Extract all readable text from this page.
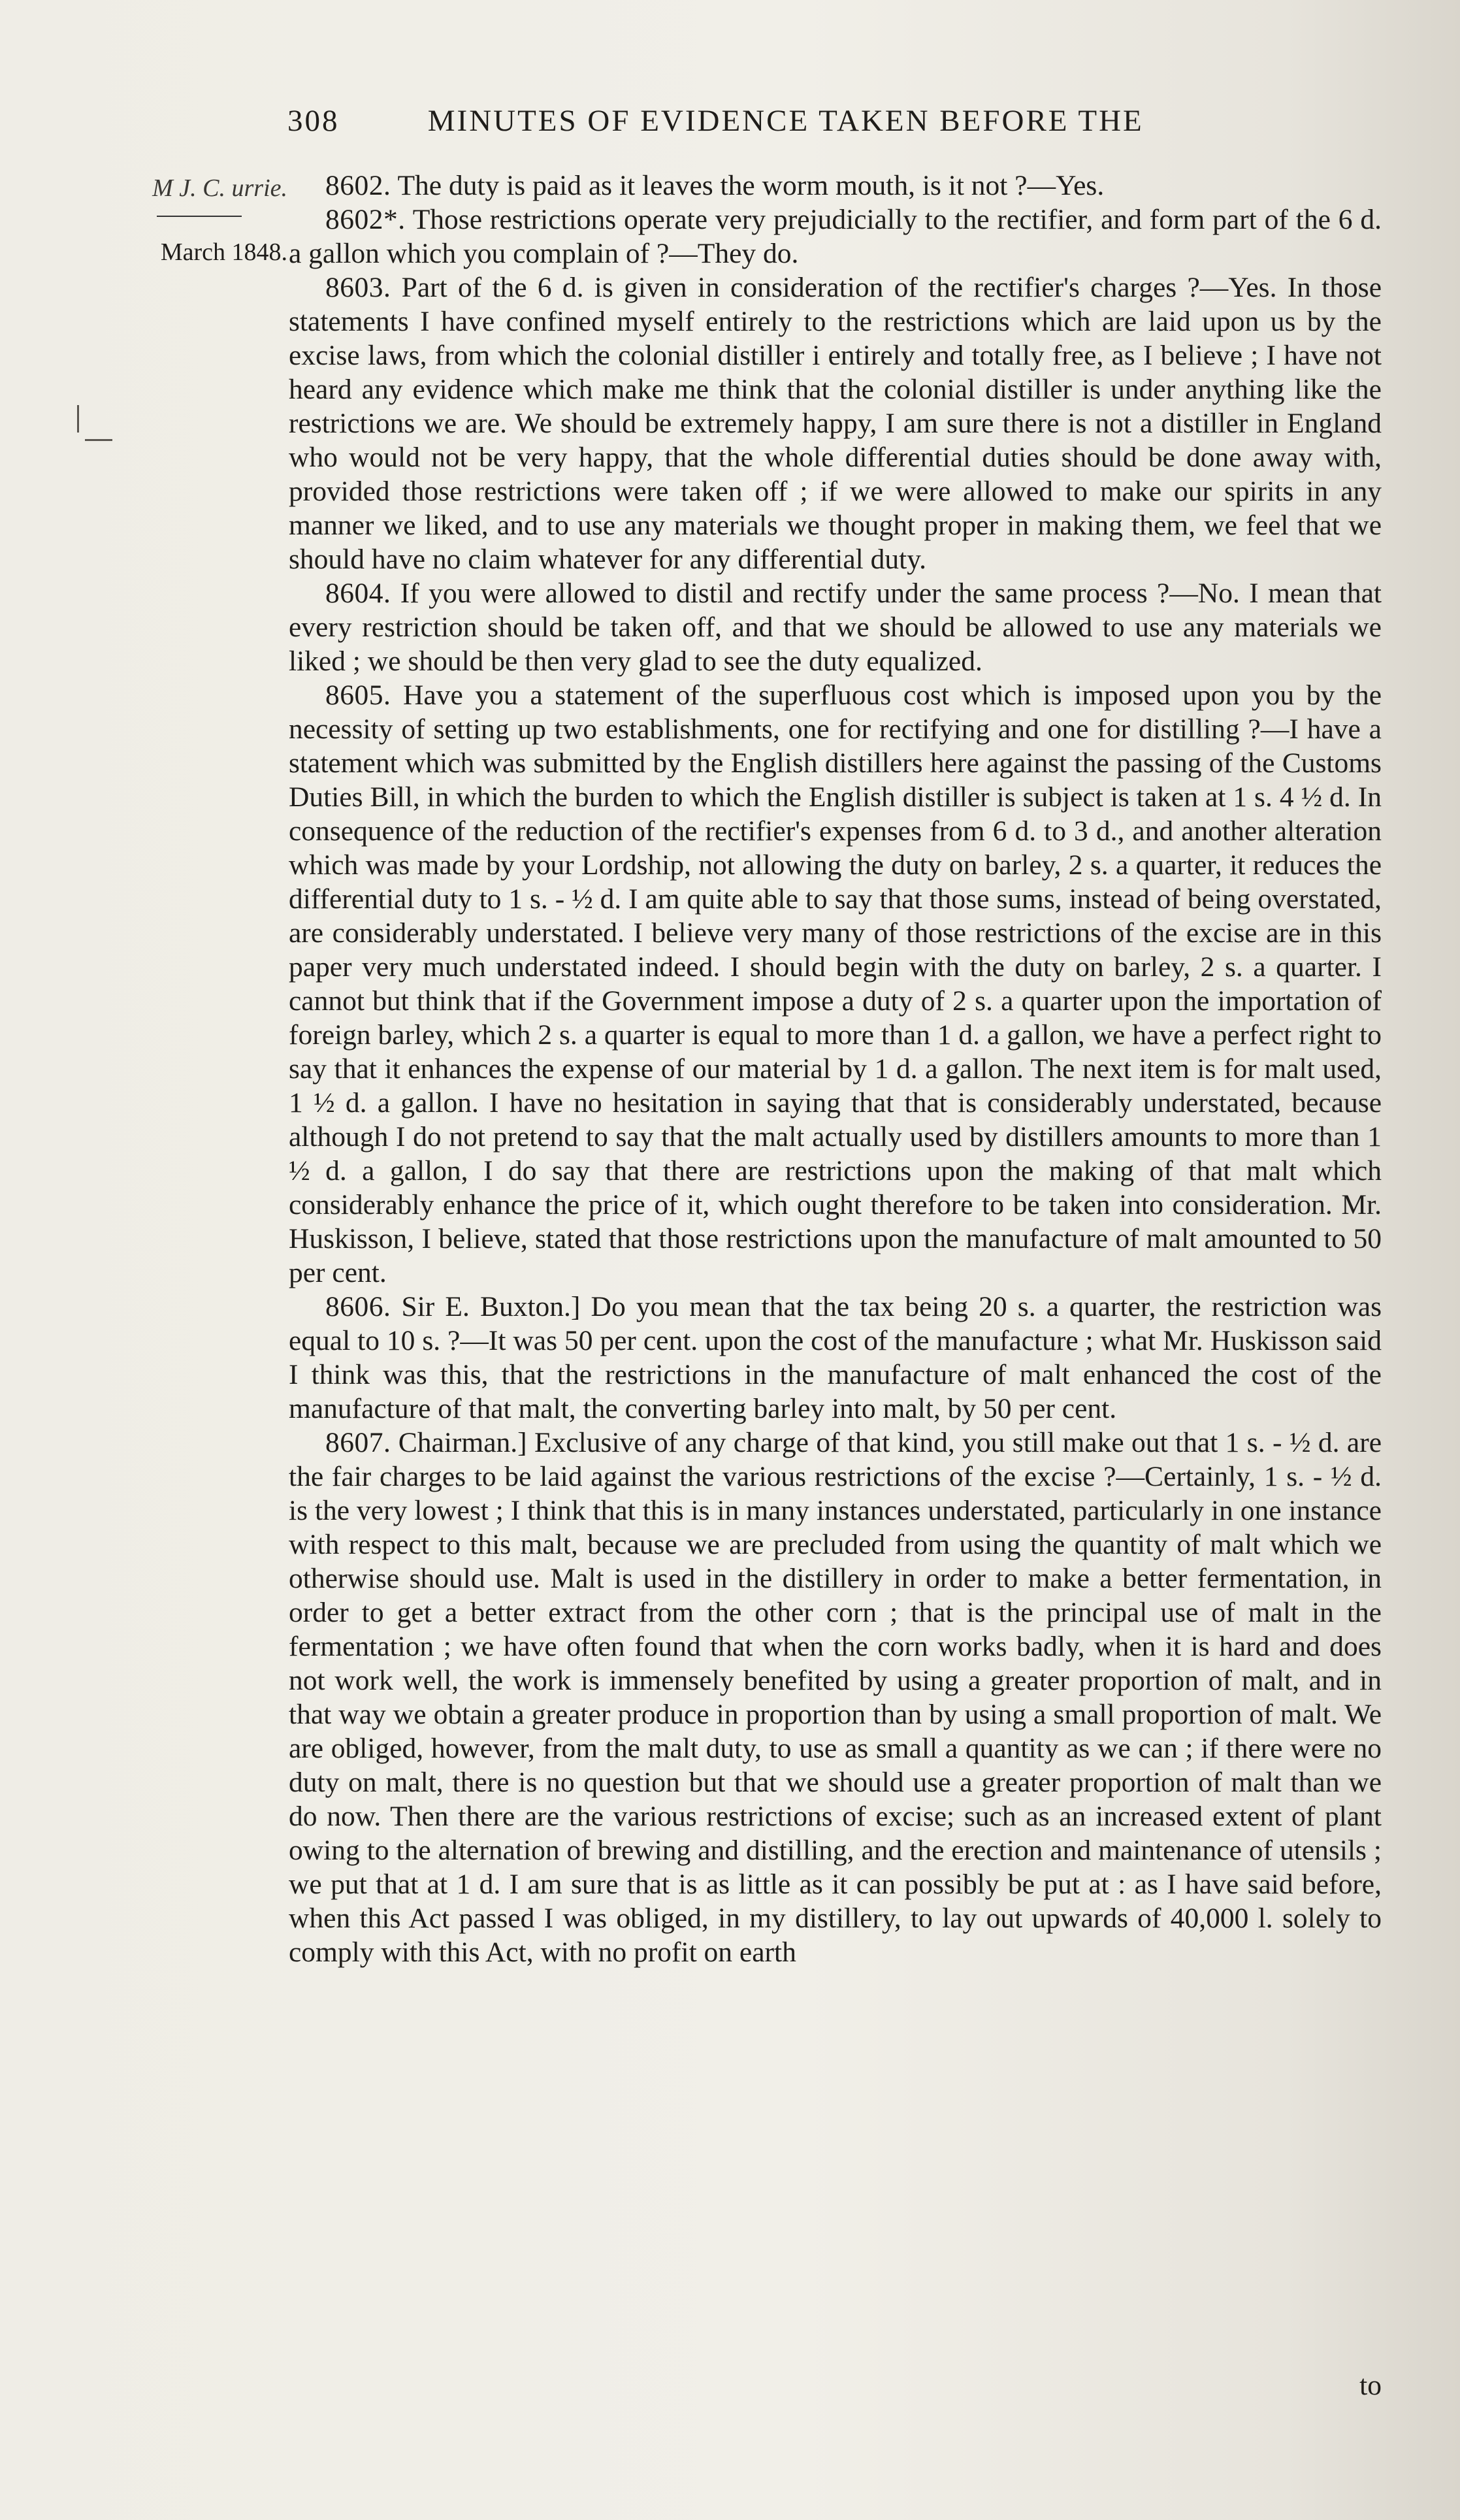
308	MINUTES OF EVIDENCE TAKEN BEFORE THE
M J. C. urrie.
March 1848.

8602. The duty is paid as it leaves the worm mouth, is it not ?—Yes.

8602*. Those restrictions operate very prejudicially to the rectifier, and form part of the 6 d. a gallon which you complain of ?—They do.

8603. Part of the 6 d. is given in consideration of the rectifier's charges ?—Yes. In those statements I have confined myself entirely to the restrictions which are laid upon us by the excise laws, from which the colonial distiller i entirely and totally free, as I believe ; I have not heard any evidence which make me think that the colonial distiller is under anything like the restrictions we are. We should be extremely happy, I am sure there is not a distiller in England who would not be very happy, that the whole differential duties should be done away with, provided those restrictions were taken off ; if we were allowed to make our spirits in any manner we liked, and to use any materials we thought proper in making them, we feel that we should have no claim whatever for any differential duty.

8604. If you were allowed to distil and rectify under the same process ?—No. I mean that every restriction should be taken off, and that we should be allowed to use any materials we liked ; we should be then very glad to see the duty equalized.

8605. Have you a statement of the superfluous cost which is imposed upon you by the necessity of setting up two establishments, one for rectifying and one for distilling ?—I have a statement which was submitted by the English distillers here against the passing of the Customs Duties Bill, in which the burden to which the English distiller is subject is taken at 1 s. 4 ½ d. In consequence of the reduction of the rectifier's expenses from 6 d. to 3 d., and another alteration which was made by your Lordship, not allowing the duty on barley, 2 s. a quarter, it reduces the differential duty to 1 s. - ½ d. I am quite able to say that those sums, instead of being overstated, are considerably understated. I believe very many of those restrictions of the excise are in this paper very much understated indeed. I should begin with the duty on barley, 2 s. a quarter. I cannot but think that if the Government impose a duty of 2 s. a quarter upon the importation of foreign barley, which 2 s. a quarter is equal to more than 1 d. a gallon, we have a perfect right to say that it enhances the expense of our material by 1 d. a gallon. The next item is for malt used, 1 ½ d. a gallon. I have no hesitation in saying that that is considerably understated, because although I do not pretend to say that the malt actually used by distillers amounts to more than 1 ½ d. a gallon, I do say that there are restrictions upon the making of that malt which considerably enhance the price of it, which ought therefore to be taken into consideration. Mr. Huskisson, I believe, stated that those restrictions upon the manufacture of malt amounted to 50 per cent.

8606. Sir E. Buxton.] Do you mean that the tax being 20 s. a quarter, the restriction was equal to 10 s. ?—It was 50 per cent. upon the cost of the manufacture ; what Mr. Huskisson said I think was this, that the restrictions in the manufacture of malt enhanced the cost of the manufacture of that malt, the converting barley into malt, by 50 per cent.

8607. Chairman.] Exclusive of any charge of that kind, you still make out that 1 s. - ½ d. are the fair charges to be laid against the various restrictions of the excise ?—Certainly, 1 s. - ½ d. is the very lowest ; I think that this is in many instances understated, particularly in one instance with respect to this malt, because we are precluded from using the quantity of malt which we otherwise should use. Malt is used in the distillery in order to make a better fermentation, in order to get a better extract from the other corn ; that is the principal use of malt in the fermentation ; we have often found that when the corn works badly, when it is hard and does not work well, the work is immensely benefited by using a greater proportion of malt, and in that way we obtain a greater produce in proportion than by using a small proportion of malt. We are obliged, however, from the malt duty, to use as small a quantity as we can ; if there were no duty on malt, there is no question but that we should use a greater proportion of malt than we do now. Then there are the various restrictions of excise; such as an increased extent of plant owing to the alternation of brewing and distilling, and the erection and maintenance of utensils ; we put that at 1 d. I am sure that is as little as it can possibly be put at : as I have said before, when this Act passed I was obliged, in my distillery, to lay out upwards of 40,000 l. solely to comply with this Act, with no profit on earth

to
